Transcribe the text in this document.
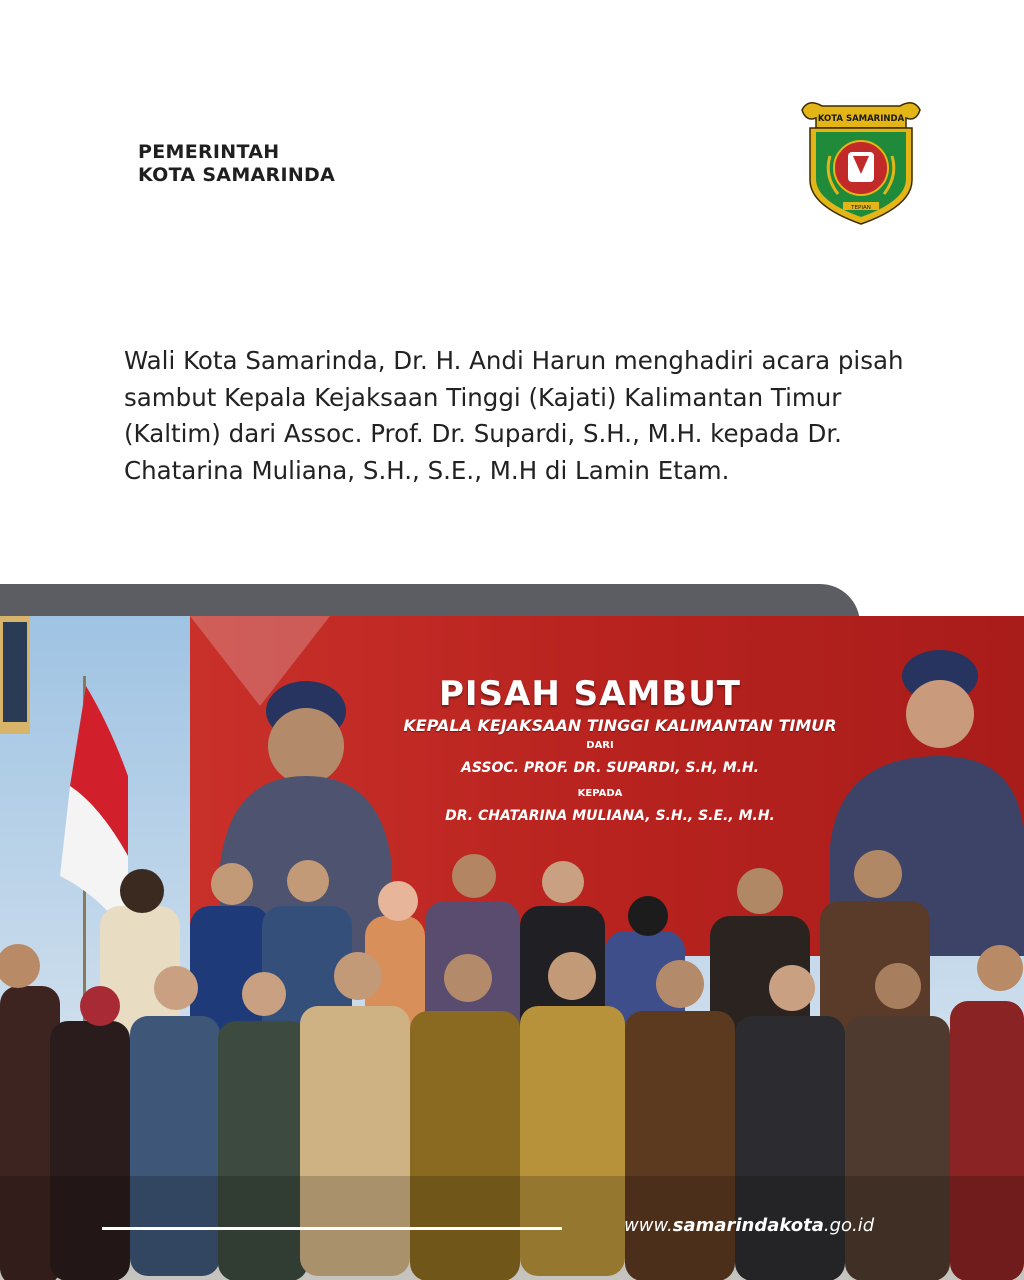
PEMERINTAH
KOTA SAMARINDA
KOTA SAMARINDA
TEPIAN
Wali Kota Samarinda, Dr. H. Andi Harun menghadiri acara pisah sambut Kepala Kejaksaan Tinggi (Kajati) Kalimantan Timur (Kaltim) dari Assoc. Prof. Dr. Supardi, S.H., M.H. kepada Dr. Chatarina Muliana, S.H., S.E., M.H di Lamin Etam.
PISAH SAMBUT
KEPALA KEJAKSAAN TINGGI KALIMANTAN TIMUR
DARI
ASSOC. PROF. DR. SUPARDI, S.H, M.H.
KEPADA
DR. CHATARINA MULIANA, S.H., S.E., M.H.
www.samarindakota.go.id
